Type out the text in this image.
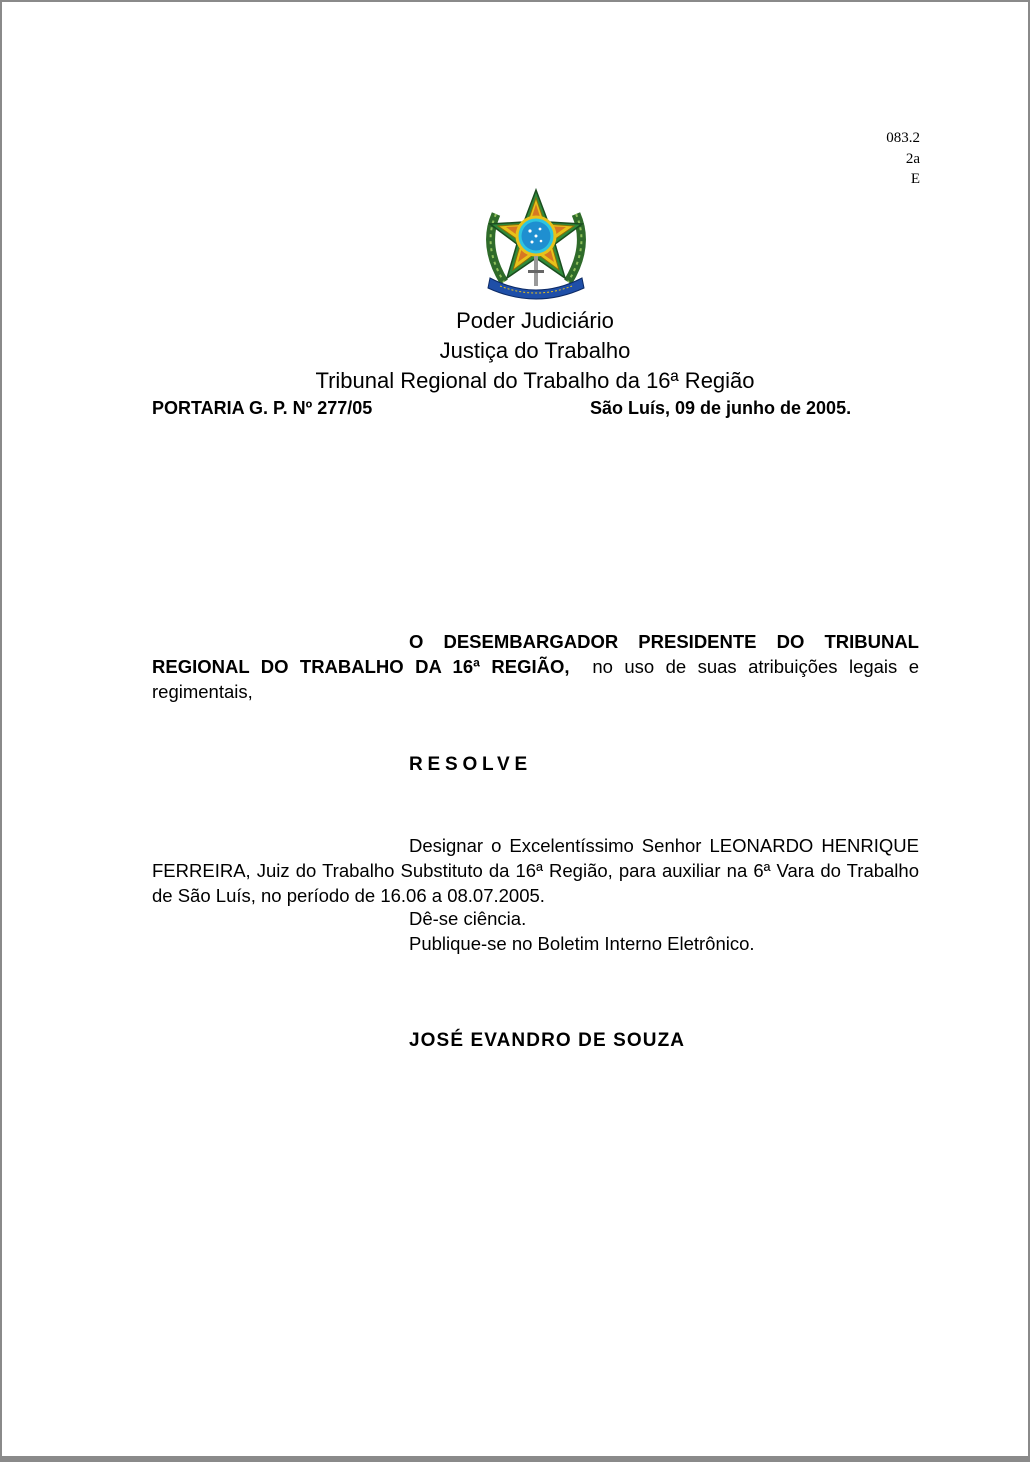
083.2
2a
E
Poder Judiciário
Justiça do Trabalho
Tribunal Regional do Trabalho da 16ª Região
PORTARIA G. P. Nº 277/05	São Luís, 09 de junho de 2005.
O DESEMBARGADOR PRESIDENTE DO TRIBUNAL REGIONAL DO TRABALHO DA 16ª REGIÃO,  no uso de suas atribuições legais e regimentais,
RESOLVE
Designar o Excelentíssimo Senhor LEONARDO HENRIQUE FERREIRA, Juiz do Trabalho Substituto da 16ª Região, para auxiliar na 6ª Vara do Trabalho de São Luís, no período de 16.06 a 08.07.2005.
Dê-se ciência.
Publique-se no Boletim Interno Eletrônico.
JOSÉ EVANDRO DE SOUZA
